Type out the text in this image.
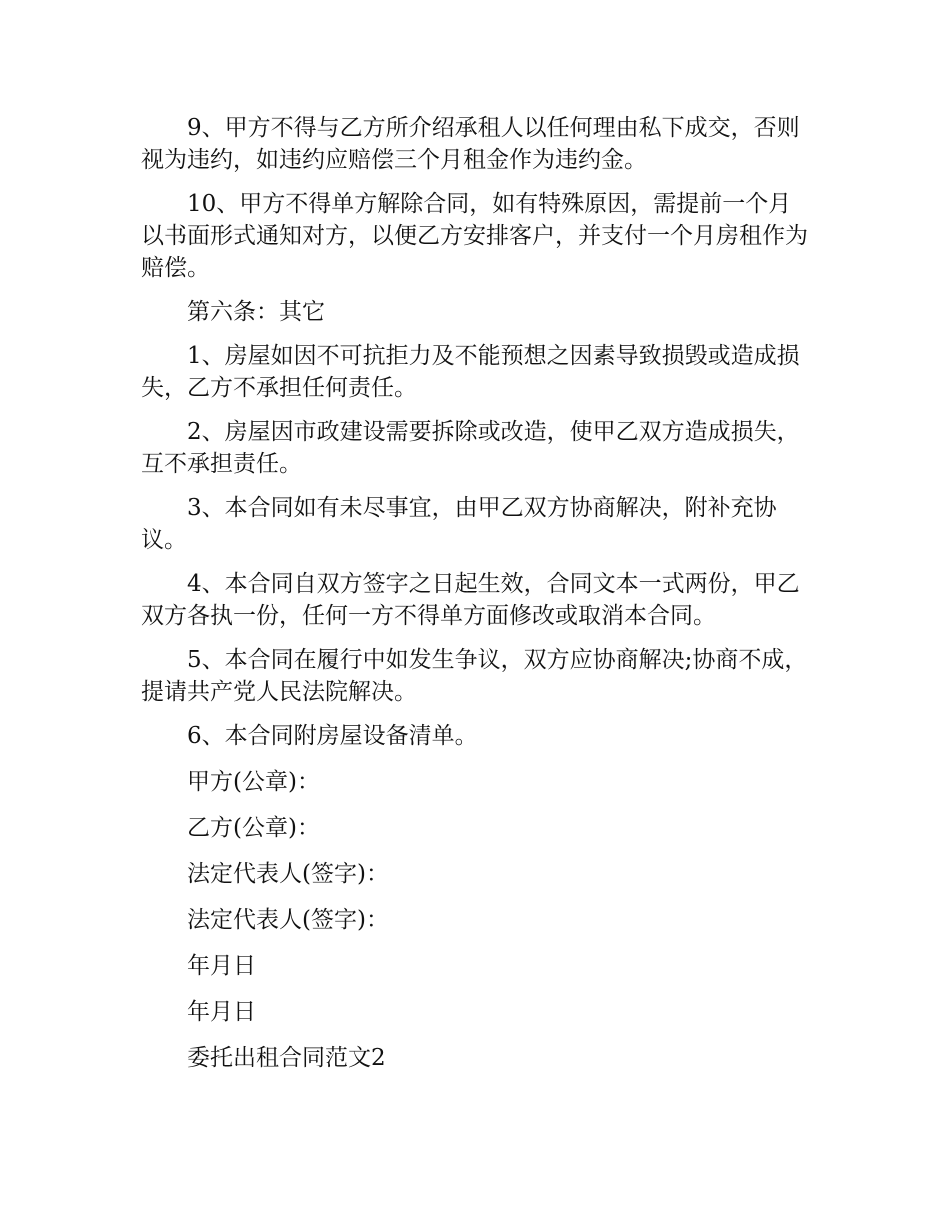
9、甲方不得与乙方所介绍承租人以任何理由私下成交，否则视为违约，如违约应赔偿三个月租金作为违约金。

10、甲方不得单方解除合同，如有特殊原因，需提前一个月以书面形式通知对方，以便乙方安排客户，并支付一个月房租作为赔偿。

第六条：其它

1、房屋如因不可抗拒力及不能预想之因素导致损毁或造成损失，乙方不承担任何责任。

2、房屋因市政建设需要拆除或改造，使甲乙双方造成损失，互不承担责任。

3、本合同如有未尽事宜，由甲乙双方协商解决，附补充协议。

4、本合同自双方签字之日起生效，合同文本一式两份，甲乙双方各执一份，任何一方不得单方面修改或取消本合同。

5、本合同在履行中如发生争议，双方应协商解决;协商不成，提请共产党人民法院解决。

6、本合同附房屋设备清单。

甲方(公章)：

乙方(公章)：

法定代表人(签字)：

法定代表人(签字)：

年月日

年月日

委托出租合同范文2
